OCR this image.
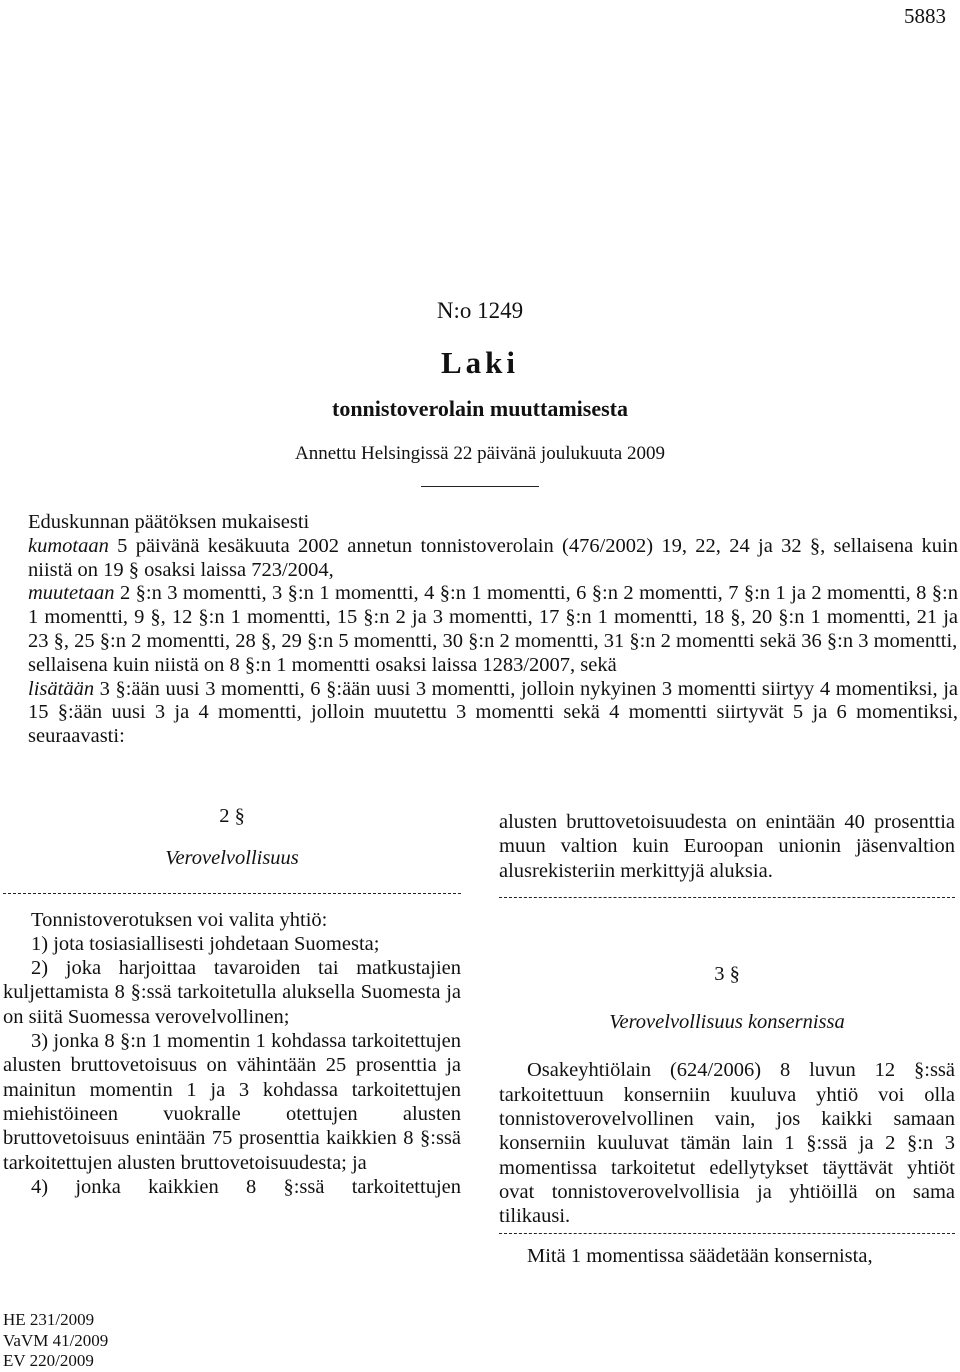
5883
N:o 1249
Laki
tonnistoverolain muuttamisesta
Annettu Helsingissä 22 päivänä joulukuuta 2009

Eduskunnan päätöksen mukaisesti

kumotaan 5 päivänä kesäkuuta 2002 annetun tonnistoverolain (476/2002) 19, 22, 24 ja 32 §, sellaisena kuin niistä on 19 § osaksi laissa 723/2004,

muutetaan 2 §:n 3 momentti, 3 §:n 1 momentti, 4 §:n 1 momentti, 6 §:n 2 momentti, 7 §:n 1 ja 2 momentti, 8 §:n 1 momentti, 9 §, 12 §:n 1 momentti, 15 §:n 2 ja 3 momentti, 17 §:n 1 momentti, 18 §, 20 §:n 1 momentti, 21 ja 23 §, 25 §:n 2 momentti, 28 §, 29 §:n 5 momentti, 30 §:n 2 momentti, 31 §:n 2 momentti sekä 36 §:n 3 momentti,

sellaisena kuin niistä on 8 §:n 1 momentti osaksi laissa 1283/2007, sekä

lisätään 3 §:ään uusi 3 momentti, 6 §:ään uusi 3 momentti, jolloin nykyinen 3 momentti siirtyy 4 momentiksi, ja 15 §:ään uusi 3 ja 4 momentti, jolloin muutettu 3 momentti sekä 4 momentti siirtyvät 5 ja 6 momentiksi, seuraavasti:

2 §

Verovelvollisuus

Tonnistoverotuksen voi valita yhtiö:

1) jota tosiasiallisesti johdetaan Suomesta;

2) joka harjoittaa tavaroiden tai matkustajien kuljettamista 8 §:ssä tarkoitetulla aluksella Suomesta ja on siitä Suomessa verovelvollinen;

3) jonka 8 §:n 1 momentin 1 kohdassa tarkoitettujen alusten bruttovetoisuus on vähintään 25 prosenttia ja mainitun momentin 1 ja 3 kohdassa tarkoitettujen miehistöineen vuokralle otettujen alusten bruttovetoisuus enintään 75 prosenttia kaikkien 8 §:ssä tarkoitettujen alusten bruttovetoisuudesta; ja

4) jonka kaikkien 8 §:ssä tarkoitettujen

alusten bruttovetoisuudesta on enintään 40 prosenttia muun valtion kuin Euroopan unionin jäsenvaltion alusrekisteriin merkittyjä aluksia.

3 §

Verovelvollisuus konsernissa

Osakeyhtiölain (624/2006) 8 luvun 12 §:ssä tarkoitettuun konserniin kuuluva yhtiö voi olla tonnistoverovelvollinen vain, jos kaikki samaan konserniin kuuluvat tämän lain 1 §:ssä ja 2 §:n 3 momentissa tarkoitetut edellytykset täyttävät yhtiöt ovat tonnistoverovelvollisia ja yhtiöillä on sama tilikausi.

Mitä 1 momentissa säädetään konsernista,

HE 231/2009
VaVM 41/2009
EV 220/2009
